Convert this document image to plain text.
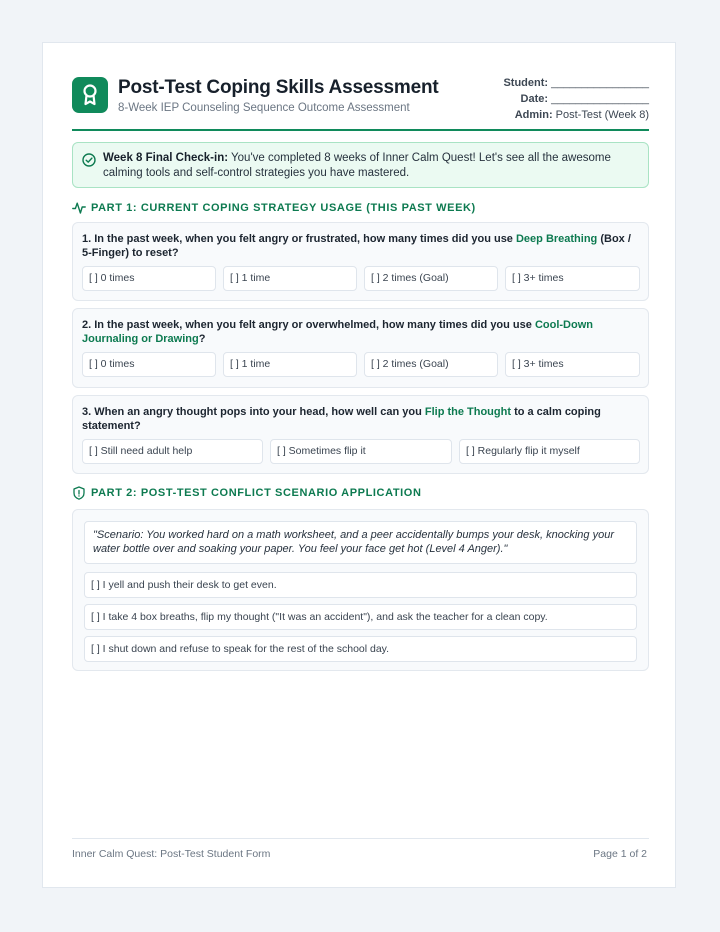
Post-Test Coping Skills Assessment
8-Week IEP Counseling Sequence Outcome Assessment
Student: ________________
Date: ________________
Admin: Post-Test (Week 8)
Week 8 Final Check-in: You've completed 8 weeks of Inner Calm Quest! Let's see all the awesome calming tools and self-control strategies you have mastered.
PART 1: CURRENT COPING STRATEGY USAGE (THIS PAST WEEK)
1. In the past week, when you felt angry or frustrated, how many times did you use Deep Breathing (Box / 5-Finger) to reset?
[ ] 0 times	[ ] 1 time	[ ] 2 times (Goal)	[ ] 3+ times
2. In the past week, when you felt angry or overwhelmed, how many times did you use Cool-Down Journaling or Drawing?
[ ] 0 times	[ ] 1 time	[ ] 2 times (Goal)	[ ] 3+ times
3. When an angry thought pops into your head, how well can you Flip the Thought to a calm coping statement?
[ ] Still need adult help	[ ] Sometimes flip it	[ ] Regularly flip it myself
PART 2: POST-TEST CONFLICT SCENARIO APPLICATION
"Scenario: You worked hard on a math worksheet, and a peer accidentally bumps your desk, knocking your water bottle over and soaking your paper. You feel your face get hot (Level 4 Anger)."
[ ] I yell and push their desk to get even.
[ ] I take 4 box breaths, flip my thought ("It was an accident"), and ask the teacher for a clean copy.
[ ] I shut down and refuse to speak for the rest of the school day.
Inner Calm Quest: Post-Test Student Form	Page 1 of 2
